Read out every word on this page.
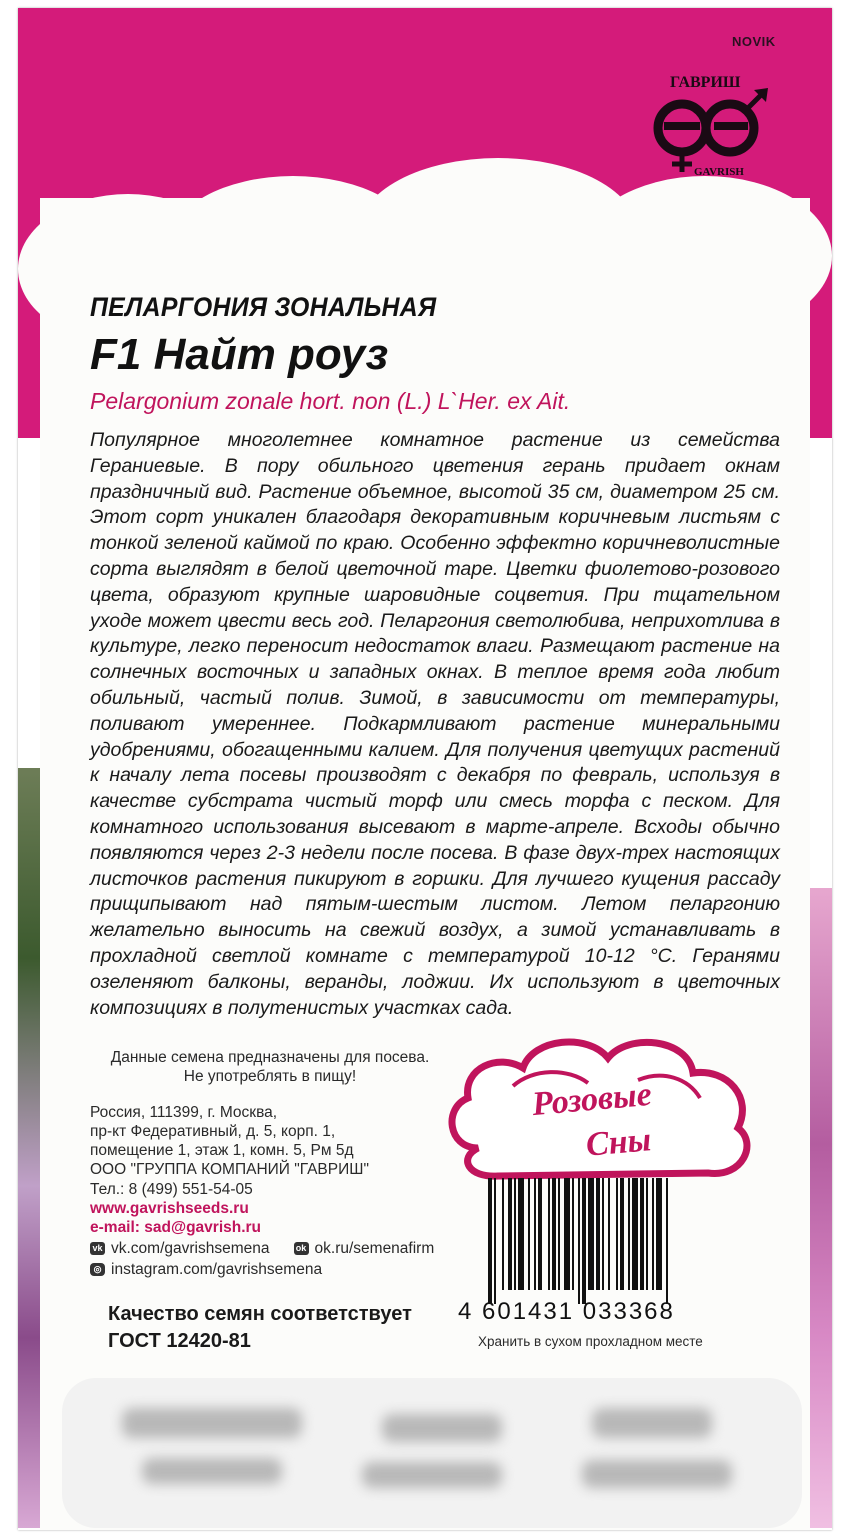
NOVIK
ГАВРИШ
GAVRISH
ПЕЛАРГОНИЯ ЗОНАЛЬНАЯ
F1 Найт роуз
Pelargonium zonale hort. non (L.) L`Her. ex Ait.
Популярное многолетнее комнатное растение из семейства Гераниевые. В пору обильного цветения герань придает окнам праздничный вид. Растение объемное, высотой 35 см, диаметром 25 см. Этот сорт уникален благодаря декоративным коричневым листьям с тонкой зеленой каймой по краю. Особенно эффектно коричневолистные сорта выглядят в белой цветочной таре. Цветки фиолетово-розового цвета, образуют крупные шаровидные соцветия. При тщательном уходе может цвести весь год. Пеларгония светолюбива, неприхотлива в культуре, легко переносит недостаток влаги. Размещают растение на солнечных восточных и западных окнах. В теплое время года любит обильный, частый полив. Зимой, в зависимости от температуры, поливают умереннее. Подкармливают растение минеральными удобрениями, обогащенными калием. Для получения цветущих растений к началу лета посевы производят с декабря по февраль, используя в качестве субстрата чистый торф или смесь торфа с песком. Для комнатного использования высевают в марте-апреле. Всходы обычно появляются через 2-3 недели после посева. В фазе двух-трех настоящих листочков растения пикируют в горшки. Для лучшего кущения рассаду прищипывают над пятым-шестым листом. Летом пеларгонию желательно выносить на свежий воздух, а зимой устанавливать в прохладной светлой комнате с температурой 10-12 °С. Геранями озеленяют балконы, веранды, лоджии. Их используют в цветочных композициях в полутенистых участках сада.
Данные семена предназначены для посева.
Не употреблять в пищу!
Россия, 111399, г. Москва,
пр-кт Федеративный, д. 5, корп. 1,
помещение 1, этаж 1, комн. 5, Рм 5д
ООО "ГРУППА КОМПАНИЙ "ГАВРИШ"
Тел.: 8 (499) 551-54-05
www.gavrishseeds.ru
e-mail: sad@gavrish.ru
vk vk.com/gavrishsemena	ok ok.ru/semenafirm
◎ instagram.com/gavrishsemena
Качество семян соответствует
ГОСТ 12420-81
Розовые
Сны
4 601431 033368
Хранить в сухом прохладном месте
